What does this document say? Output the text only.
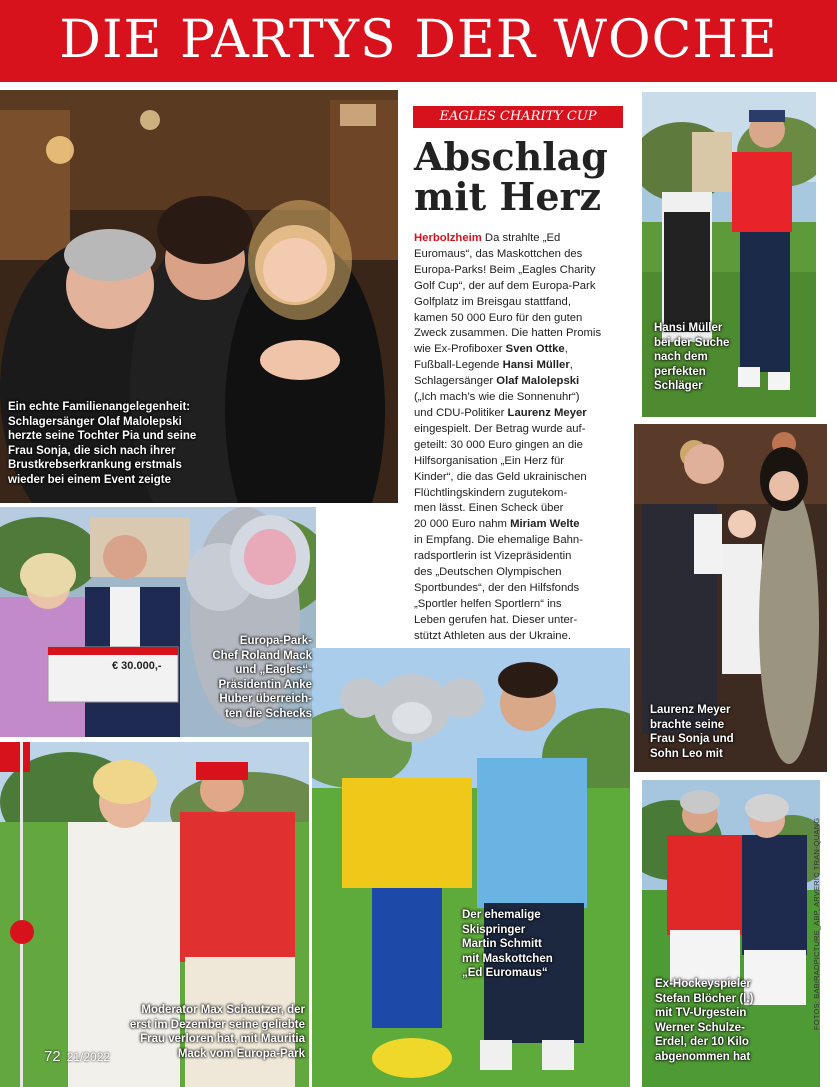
DIE PARTYS DER WOCHE
€ 30.000,-
EAGLES CHARITY CUP
Abschlag
mit Herz
Herbolzheim Da strahlte „Ed
Euromaus“, das Maskottchen des
Europa-Parks! Beim „Eagles Charity
Golf Cup“, der auf dem Europa-Park
Golfplatz im Breisgau stattfand,
kamen 50 000 Euro für den guten
Zweck zusammen. Die hatten Promis
wie Ex-Profiboxer Sven Ottke,
Fußball-Legende Hansi Müller,
Schlagersänger Olaf Malolepski
(„Ich mach’s wie die Sonnenuhr“)
und CDU-Politiker Laurenz Meyer
eingespielt. Der Betrag wurde auf-
geteilt: 30 000 Euro gingen an die
Hilfsorganisation „Ein Herz für
Kinder“, die das Geld ukrainischen
Flüchtlingskindern zugutekom-
men lässt. Einen Scheck über
20 000 Euro nahm Miriam Welte
in Empfang. Die ehemalige Bahn-
radsportlerin ist Vizepräsidentin
des „Deutschen Olympischen
Sportbundes“, der den Hilfsfonds
„Sportler helfen Sportlern“ ins
Leben gerufen hat. Dieser unter-
stützt Athleten aus der Ukraine.
Ein echte Familienangelegenheit:
Schlagersänger Olaf Malolepski
herzte seine Tochter Pia und seine
Frau Sonja, die sich nach ihrer
Brustkrebserkrankung erstmals
wieder bei einem Event zeigte
Europa-Park-
Chef Roland Mack
und „Eagles“-
Präsidentin Anke
Huber überreich-
ten die Schecks
Hansi Müller
bei der Suche
nach dem
perfekten
Schläger
Laurenz Meyer
brachte seine
Frau Sonja und
Sohn Leo mit
Moderator Max Schautzer, der
erst im Dezember seine geliebte
Frau verloren hat, mit Mauritia
Mack vom Europa-Park
Der ehemalige
Skispringer
Martin Schmitt
mit Maskottchen
„Ed Euromaus“
Ex-Hockeyspieler
Stefan Blöcher (l.)
mit TV-Urgestein
Werner Schulze-
Erdel, der 10 Kilo
abgenommen hat
72 21/2022
FOTOS: BABIRADPICTURE_ABP, ARVERIC TRAN-QUANG
